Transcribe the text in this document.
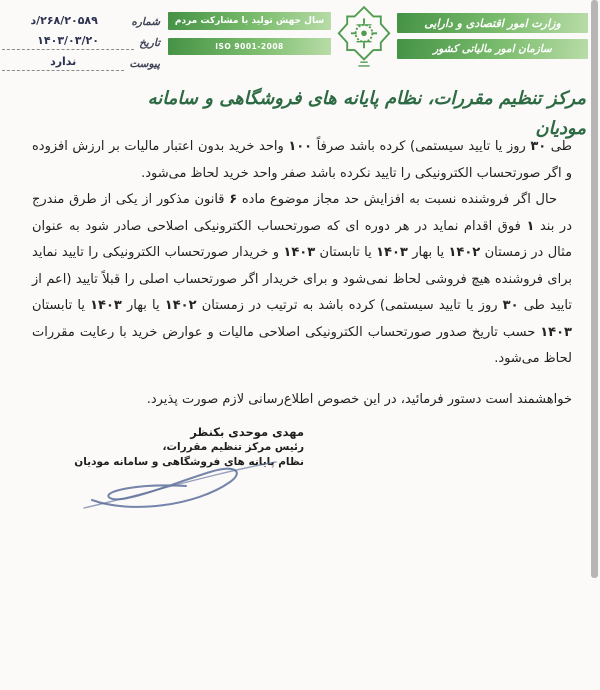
شماره
د/۲۶۸/۲۰۵۸۹
تاریخ
۱۴۰۳/۰۳/۲۰
پیوست
ندارد
سال جهش تولید با مشارکت مردم
ISO 9001-2008
وزارت امور اقتصادی و دارایی
سازمان امور مالیاتی کشور
مرکز تنظیم مقررات، نظام پایانه های فروشگاهی و سامانه مودیان

طی ۳۰ روز یا تایید سیستمی) کرده باشد صرفاً ۱۰۰ واحد خرید بدون اعتبار مالیات بر ارزش افزوده و اگر صورتحساب الکترونیکی را تایید نکرده باشد صفر واحد خرید لحاظ می‌شود.

حال اگر فروشنده نسبت به افزایش حد مجاز موضوع ماده ۶ قانون مذکور از یکی از طرق مندرج در بند ۱ فوق اقدام نماید در هر دوره ای که صورتحساب الکترونیکی اصلاحی صادر شود به عنوان مثال در زمستان ۱۴۰۲ یا بهار ۱۴۰۳ یا تابستان ۱۴۰۳ و خریدار صورتحساب الکترونیکی را تایید نماید برای فروشنده هیچ فروشی لحاظ نمی‌شود و برای خریدار اگر صورتحساب اصلی را قبلاً تایید (اعم از تایید طی ۳۰ روز یا تایید سیستمی) کرده باشد به ترتیب در زمستان ۱۴۰۲ یا بهار ۱۴۰۳ یا تابستان ۱۴۰۳ حسب تاریخ صدور صورتحساب الکترونیکی اصلاحی مالیات و عوارض خرید با رعایت مقررات لحاظ می‌شود.

خواهشمند است دستور فرمائید، در این خصوص اطلاع‌رسانی لازم صورت پذیرد.

مهدی موحدی بکنظر
رئیس مرکز تنظیم مقررات،
نظام پایانه های فروشگاهی و سامانه مودیان
